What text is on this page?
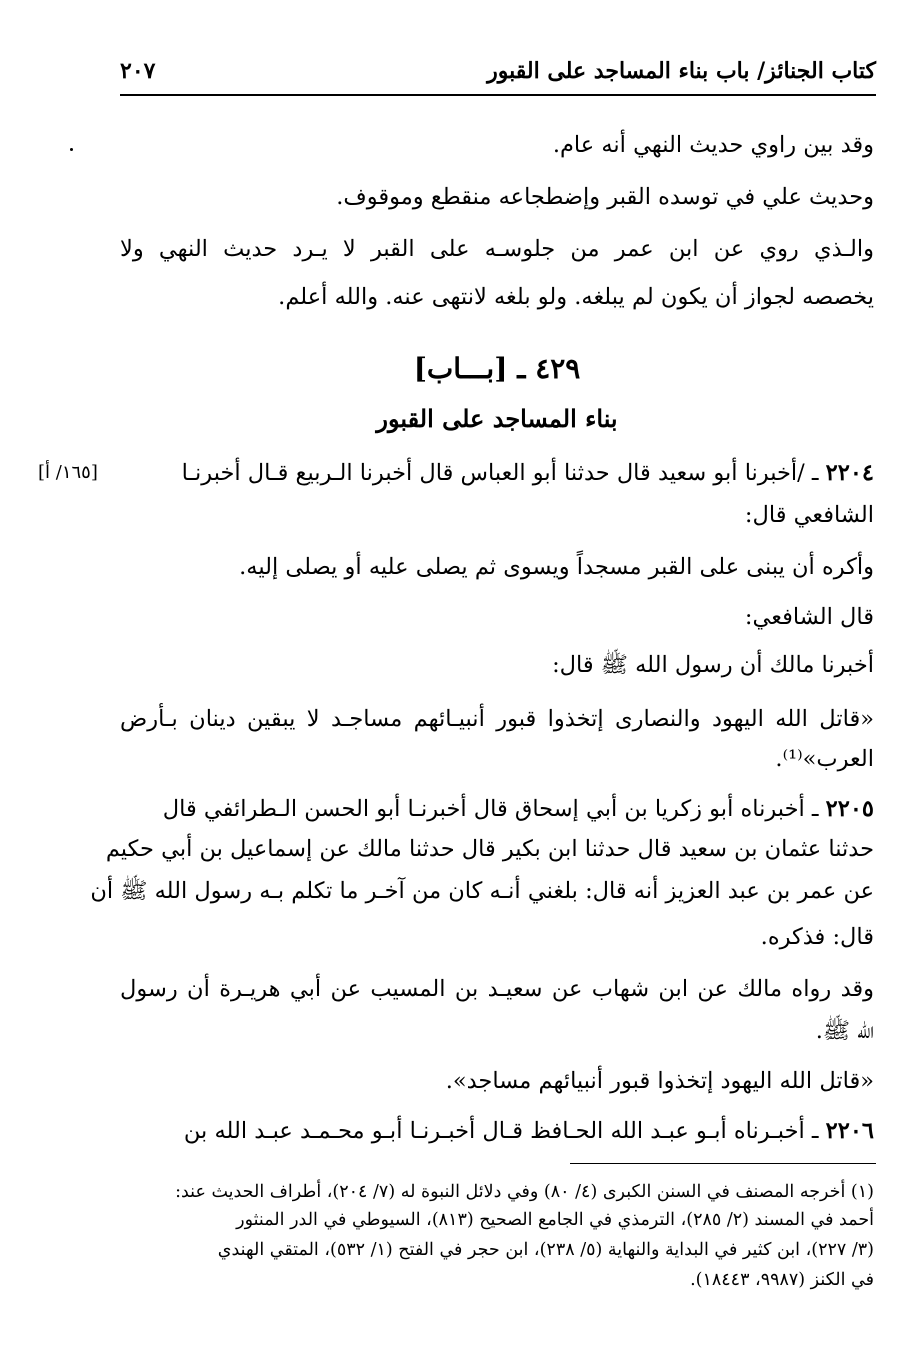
كتاب الجنائز/ باب بناء المساجد على القبور
٢٠٧
وقد بين راوي حديث النهي أنه عام.
وحديث علي في توسده القبر وإضطجاعه منقطع وموقوف.
والـذي روي عن ابن عمر من جلوسـه على القبر لا يـرد حديث النهي ولا
يخصصه لجواز أن يكون لم يبلغه. ولو بلغه لانتهى عنه. والله أعلم.
٤٢٩ ـ [بـــاب]
بناء المساجد على القبور
٢٢٠٤ ـ /أخبرنا أبو سعيد قال حدثنا أبو العباس قال أخبرنا الـربيع قـال أخبرنـا
[١٦٥/ أ]
الشافعي قال:
وأكره أن يبنى على القبر مسجداً ويسوى ثم يصلى عليه أو يصلى إليه.
قال الشافعي:
أخبرنا مالك أن رسول الله ﷺ قال:
«قاتل الله اليهود والنصارى إتخذوا قبور أنبيـائهم مساجـد لا يبقين دينان بـأرض
العرب»⁽¹⁾.
٢٢٠٥ ـ أخبرناه أبو زكريا بن أبي إسحاق قال أخبرنـا أبو الحسن الـطرائفي قال
حدثنا عثمان بن سعيد قال حدثنا ابن بكير قال حدثنا مالك عن إسماعيل بن أبي حكيم
عن عمر بن عبد العزيز أنه قال: بلغني أنـه كان من آخـر ما تكلم بـه رسول الله ﷺ أن
قال: فذكره.
وقد رواه مالك عن ابن شهاب عن سعيـد بن المسيب عن أبي هريـرة أن رسول
الله ﷺ.
«قاتل الله اليهود إتخذوا قبور أنبيائهم مساجد».
٢٢٠٦ ـ أخبـرناه أبـو عبـد الله الحـافظ قـال أخبـرنـا أبـو محـمـد عبـد الله بن
(١) أخرجه المصنف في السنن الكبرى (٤/ ٨٠) وفي دلائل النبوة له (٧/ ٢٠٤)، أطراف الحديث عند:
أحمد في المسند (٢/ ٢٨٥)، الترمذي في الجامع الصحيح (٨١٣)، السيوطي في الدر المنثور
(٣/ ٢٢٧)، ابن كثير في البداية والنهاية (٥/ ٢٣٨)، ابن حجر في الفتح (١/ ٥٣٢)، المتقي الهندي
في الكنز (٩٩٨٧، ١٨٤٤٣).
